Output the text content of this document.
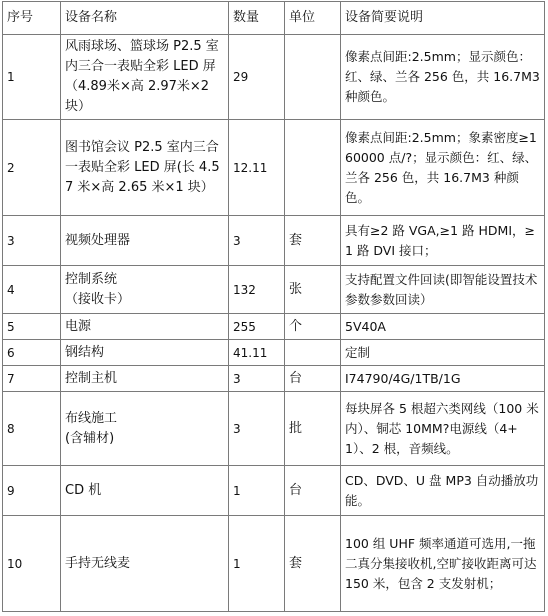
序号	设备名称	数量	单位	设备简要说明
1	风雨球场、篮球场 P2.5 室内三合一表贴全彩 LED 屏（4.89米×高 2.97米×2 块）	29		像素点间距:2.5mm；显示颜色：红、绿、兰各 256 色，共 16.7M3 种颜色。
2	图书馆会议 P2.5 室内三合一表贴全彩 LED 屏(长 4.57 米×高 2.65 米×1 块）	12.11		像素点间距:2.5mm；象素密度≥160000 点/?；显示颜色：红、绿、兰各 256 色，共 16.7M3 种颜色。
3	视频处理器	3	套	具有≥2 路 VGA,≥1 路 HDMI，≥1 路 DVI 接口；
4	控制系统
（接收卡）	132	张	支持配置文件回读(即智能设置技术参数参数回读）
5	电源	255	个	5V40A
6	钢结构	41.11		定制
7	控制主机	3	台	I74790/4G/1TB/1G
8	布线施工
(含辅材)	3	批	每块屏各 5 根超六类网线（100 米内）、铜芯 10MM?电源线（4+1）、2 根，音频线。
9	CD 机	1	台	CD、DVD、U 盘 MP3 自动播放功能。
10	手持无线麦	1	套	100 组 UHF 频率通道可选用,一拖二真分集接收机,空旷接收距离可达 150 米，包含 2 支发射机；
